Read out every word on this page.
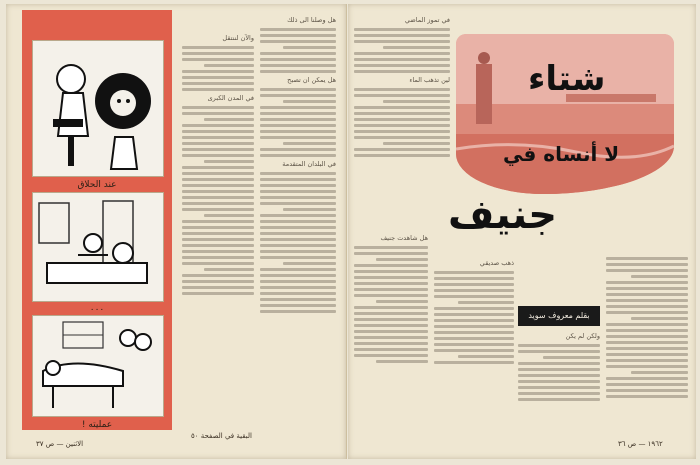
عند الحلاق
٠٠٠
عمليته !
والآن لننتقل
في المدن الكبرى
هل وصلنا الى ذلك
هل يمكن ان تصبح
في البلدان المتقدمة
الاثنين — ص ٣٧
البقية في الصفحة ٥٠
شتاء
لا أنساه في
جنيف
في تموز الماضي
لين تذهب الماء
هل شاهدت جنيف
ذهب صديقي
بقلم معروف سويد
ولكن لم يكن
١٩٦٢ — ص ٣٦
